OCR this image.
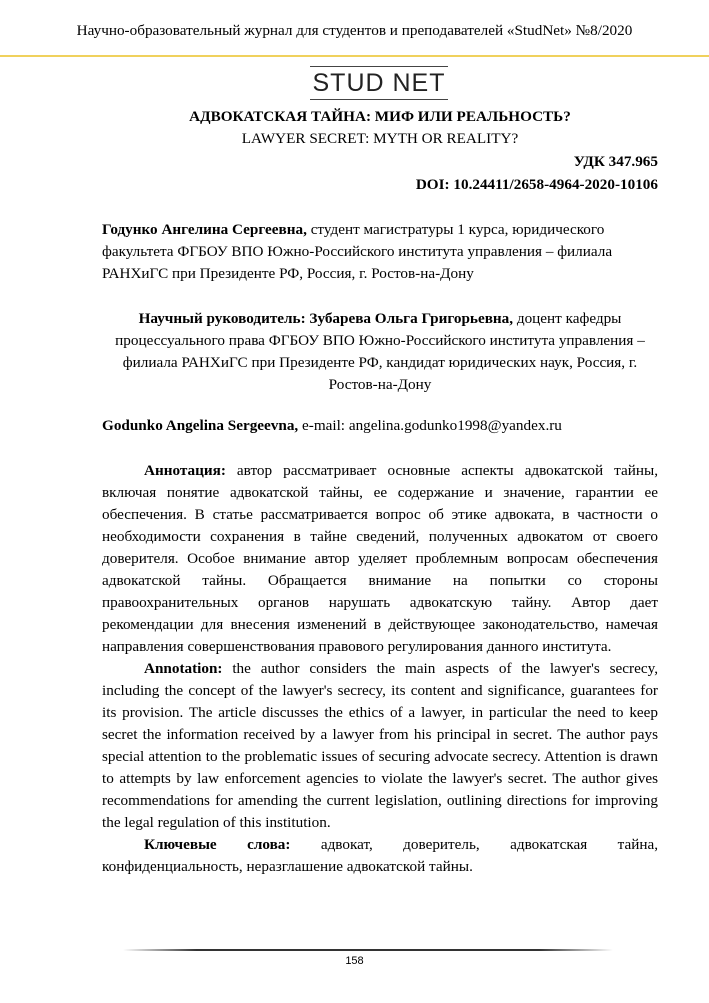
Научно-образовательный журнал для студентов и преподавателей «StudNet» №8/2020
STUD NET
АДВОКАТСКАЯ ТАЙНА: МИФ ИЛИ РЕАЛЬНОСТЬ?
LAWYER SECRET: MYTH OR REALITY?
УДК 347.965
DOI: 10.24411/2658-4964-2020-10106
Годунко Ангелина Сергеевна, студент магистратуры 1 курса, юридического факультета ФГБОУ ВПО Южно-Российского института управления – филиала РАНХиГС при Президенте РФ, Россия, г. Ростов-на-Дону
Научный руководитель: Зубарева Ольга Григорьевна, доцент кафедры процессуального права ФГБОУ ВПО Южно-Российского института управления – филиала РАНХиГС при Президенте РФ, кандидат юридических наук, Россия, г. Ростов-на-Дону
Godunko Angelina Sergeevna, e-mail: angelina.godunko1998@yandex.ru

Аннотация: автор рассматривает основные аспекты адвокатской тайны, включая понятие адвокатской тайны, ее содержание и значение, гарантии ее обеспечения. В статье рассматривается вопрос об этике адвоката, в частности о необходимости сохранения в тайне сведений, полученных адвокатом от своего доверителя. Особое внимание автор уделяет проблемным вопросам обеспечения адвокатской тайны. Обращается внимание на попытки со стороны правоохранительных органов нарушать адвокатскую тайну. Автор дает рекомендации для внесения изменений в действующее законодательство, намечая направления совершенствования правового регулирования данного института.

Annotation: the author considers the main aspects of the lawyer's secrecy, including the concept of the lawyer's secrecy, its content and significance, guarantees for its provision. The article discusses the ethics of a lawyer, in particular the need to keep secret the information received by a lawyer from his principal in secret. The author pays special attention to the problematic issues of securing advocate secrecy. Attention is drawn to attempts by law enforcement agencies to violate the lawyer's secret. The author gives recommendations for amending the current legislation, outlining directions for improving the legal regulation of this institution.

Ключевые слова: адвокат, доверитель, адвокатская тайна, конфиденциальность, неразглашение адвокатской тайны.

158
